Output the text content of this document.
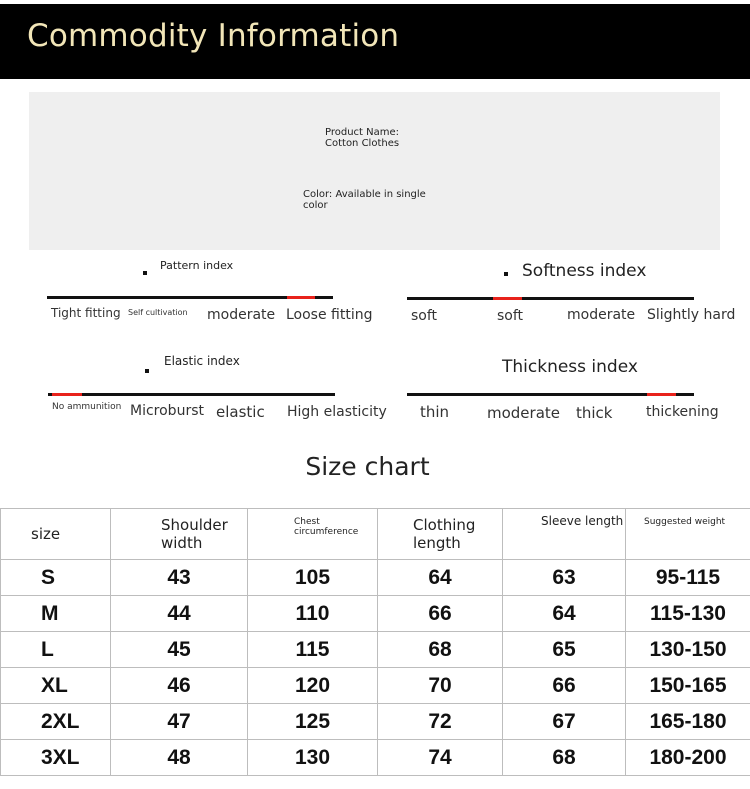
Commodity Information
Product Name:
Cotton Clothes
Color: Available in single
color
Pattern index
Tight fitting Self cultivation moderate Loose fitting
Softness index
soft	soft	moderate Slightly hard
Elastic index
No ammunition Microburst elastic High elasticity
Thickness index
thin	moderate thick thickening
Size chart
size	Shoulder width	Chest circumference	Clothing length	Sleeve length	Suggested weight
S	43	105	64	63	95-115
M	44	110	66	64	115-130
L	45	115	68	65	130-150
XL	46	120	70	66	150-165
2XL	47	125	72	67	165-180
3XL	48	130	74	68	180-200
